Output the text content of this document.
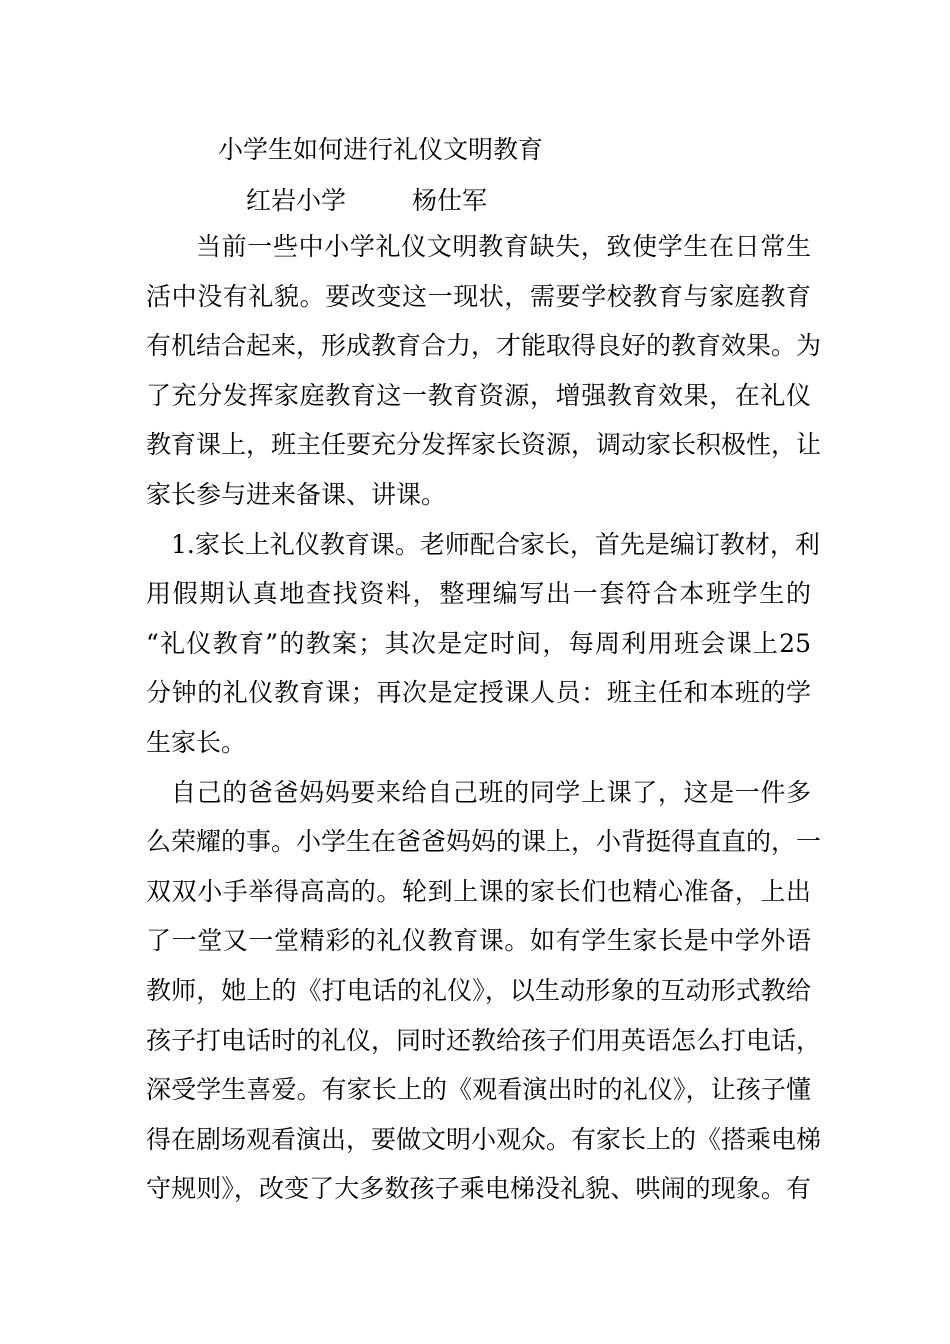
小学生如何进行礼仪文明教育
红岩小学	杨仕军
当前一些中小学礼仪文明教育缺失，致使学生在日常生
活中没有礼貌。要改变这一现状，需要学校教育与家庭教育
有机结合起来，形成教育合力，才能取得良好的教育效果。为
了充分发挥家庭教育这一教育资源，增强教育效果，在礼仪
教育课上，班主任要充分发挥家长资源，调动家长积极性，让
家长参与进来备课、讲课。
1.家长上礼仪教育课。老师配合家长，首先是编订教材，利
用假期认真地查找资料，整理编写出一套符合本班学生的
“礼仪教育”的教案；其次是定时间，每周利用班会课上25
分钟的礼仪教育课；再次是定授课人员：班主任和本班的学
生家长。
自己的爸爸妈妈要来给自己班的同学上课了，这是一件多
么荣耀的事。小学生在爸爸妈妈的课上，小背挺得直直的，一
双双小手举得高高的。轮到上课的家长们也精心准备，上出
了一堂又一堂精彩的礼仪教育课。如有学生家长是中学外语
教师，她上的《打电话的礼仪》，以生动形象的互动形式教给
孩子打电话时的礼仪，同时还教给孩子们用英语怎么打电话，
深受学生喜爱。有家长上的《观看演出时的礼仪》，让孩子懂
得在剧场观看演出，要做文明小观众。有家长上的《搭乘电梯
守规则》，改变了大多数孩子乘电梯没礼貌、哄闹的现象。有
